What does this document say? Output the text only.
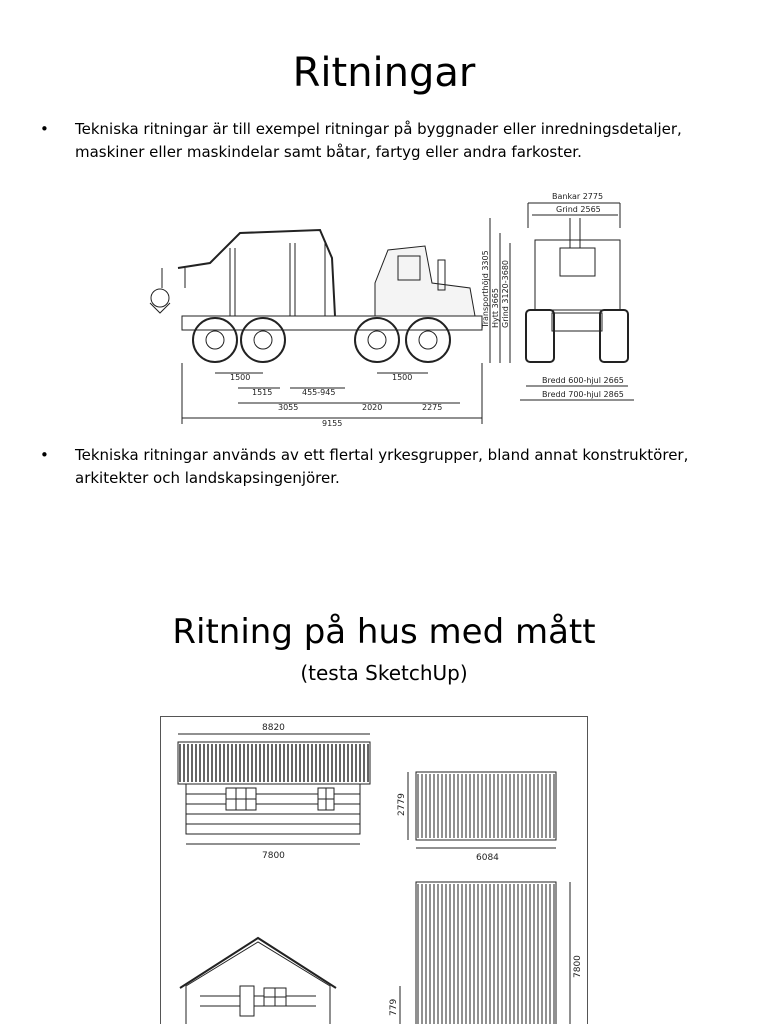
Ritningar
• Tekniska ritningar är till exempel ritningar på byggnader eller inredningsdetaljer, maskiner eller maskindelar samt båtar, fartyg eller andra farkoster.
1500
1515	455-945
1500
3055	2020	2275
9155
Bankar 2775
Grind 2565
Transporthöjd 3305 Hytt 3665 Grind 3120-3680
Bredd 600-hjul 2665
Bredd 700-hjul 2865
• Tekniska ritningar används av ett flertal yrkesgrupper, bland annat konstruktörer, arkitekter och landskapsingenjörer.
Ritning på hus med mått
(testa SketchUp)
8820
7800
2779
6084
7800
779
